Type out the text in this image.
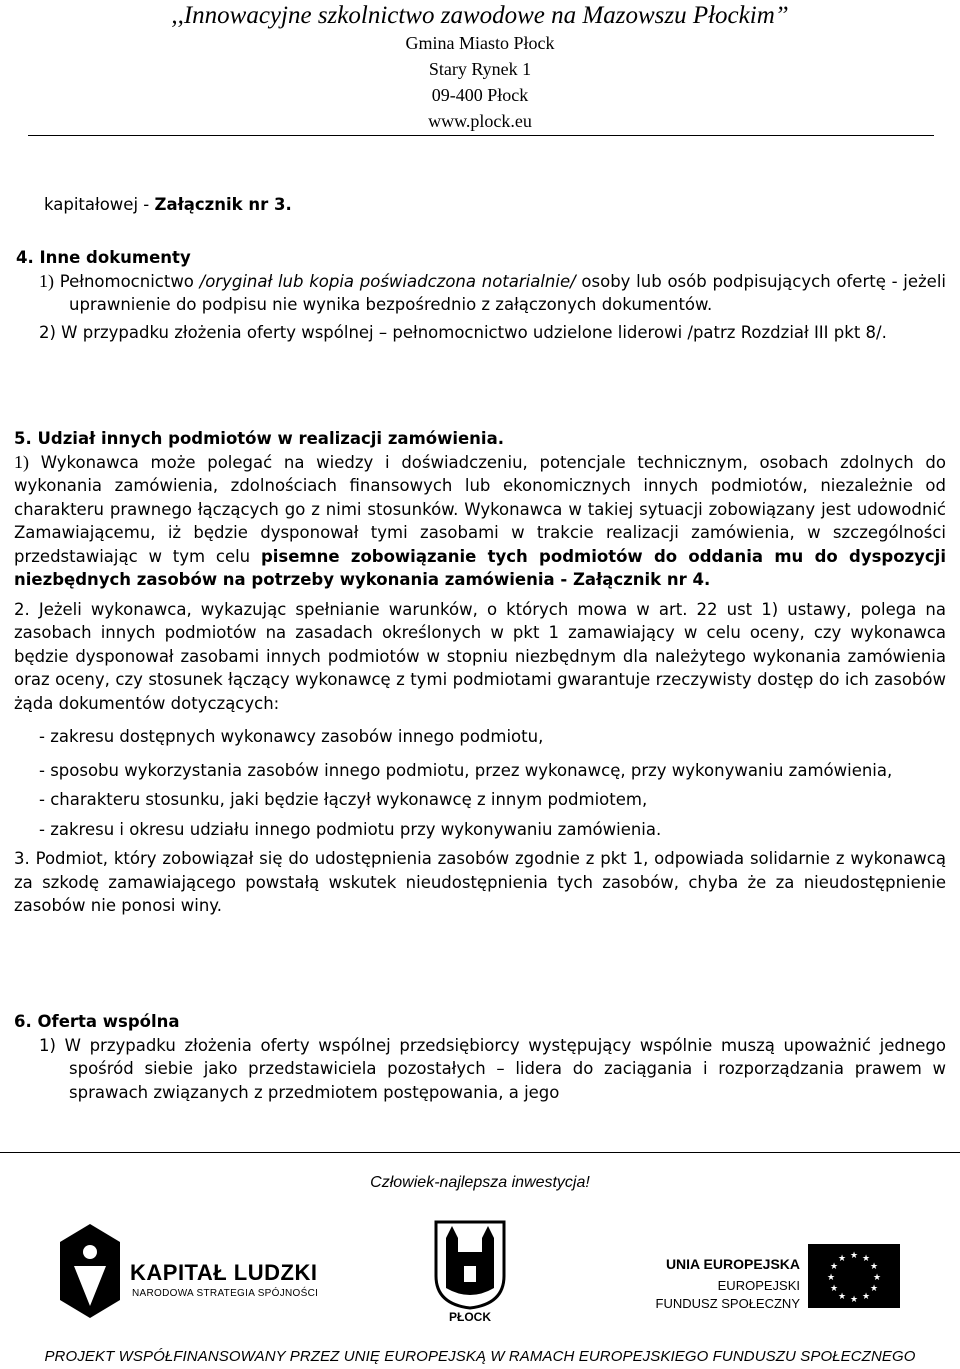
,,Innowacyjne szkolnictwo zawodowe na Mazowszu Płockim”
Gmina Miasto Płock
Stary Rynek 1
09-400 Płock
www.plock.eu

kapitałowej - Załącznik nr 3.

4. Inne dokumenty

1) Pełnomocnictwo /oryginał lub kopia poświadczona notarialnie/ osoby lub osób podpisujących ofertę - jeżeli uprawnienie do podpisu nie wynika bezpośrednio z załączonych dokumentów.

2) W przypadku złożenia oferty wspólnej – pełnomocnictwo udzielone liderowi /patrz Rozdział III pkt 8/.

5. Udział innych podmiotów w realizacji zamówienia.

1) Wykonawca może polegać na wiedzy i doświadczeniu, potencjale technicznym, osobach zdolnych do wykonania zamówienia, zdolnościach finansowych lub ekonomicznych innych podmiotów, niezależnie od charakteru prawnego łączących go z nimi stosunków. Wykonawca w takiej sytuacji zobowiązany jest udowodnić Zamawiającemu, iż będzie dysponował tymi zasobami w trakcie realizacji zamówienia, w szczególności przedstawiając w tym celu pisemne zobowiązanie tych podmiotów do oddania mu do dyspozycji niezbędnych zasobów na potrzeby wykonania zamówienia - Załącznik nr 4.

2. Jeżeli wykonawca, wykazując spełnianie warunków, o których mowa w art. 22 ust 1) ustawy, polega na zasobach innych podmiotów na zasadach określonych w pkt 1 zamawiający w celu oceny, czy wykonawca będzie dysponował zasobami innych podmiotów w stopniu niezbędnym dla należytego wykonania zamówienia oraz oceny, czy stosunek łączący wykonawcę z tymi podmiotami gwarantuje rzeczywisty dostęp do ich zasobów żąda dokumentów dotyczących:

- zakresu dostępnych wykonawcy zasobów innego podmiotu,

- sposobu wykorzystania zasobów innego podmiotu, przez wykonawcę, przy wykonywaniu zamówienia,

- charakteru stosunku, jaki będzie łączył wykonawcę z innym podmiotem,

- zakresu i okresu udziału innego podmiotu przy wykonywaniu zamówienia.

3. Podmiot, który zobowiązał się do udostępnienia zasobów zgodnie z pkt 1, odpowiada solidarnie z wykonawcą za szkodę zamawiającego powstałą wskutek nieudostępnienia tych zasobów, chyba że za nieudostępnienie zasobów nie ponosi winy.

6. Oferta wspólna

1) W przypadku złożenia oferty wspólnej przedsiębiorcy występujący wspólnie muszą upoważnić jednego spośród siebie jako przedstawiciela pozostałych – lidera do zaciągania i rozporządzania prawem w sprawach związanych z przedmiotem postępowania, a jego

Człowiek-najlepsza inwestycja!
KAPITAŁ LUDZKI
NARODOWA STRATEGIA SPÓJNOŚCI
PŁOCK
UNIA EUROPEJSKA
EUROPEJSKI
FUNDUSZ SPOŁECZNY
★ ★
★
★
★
★
★
★
★
★
★
★
PROJEKT WSPÓŁFINANSOWANY PRZEZ UNIĘ EUROPEJSKĄ W RAMACH EUROPEJSKIEGO FUNDUSZU SPOŁECZNEGO
